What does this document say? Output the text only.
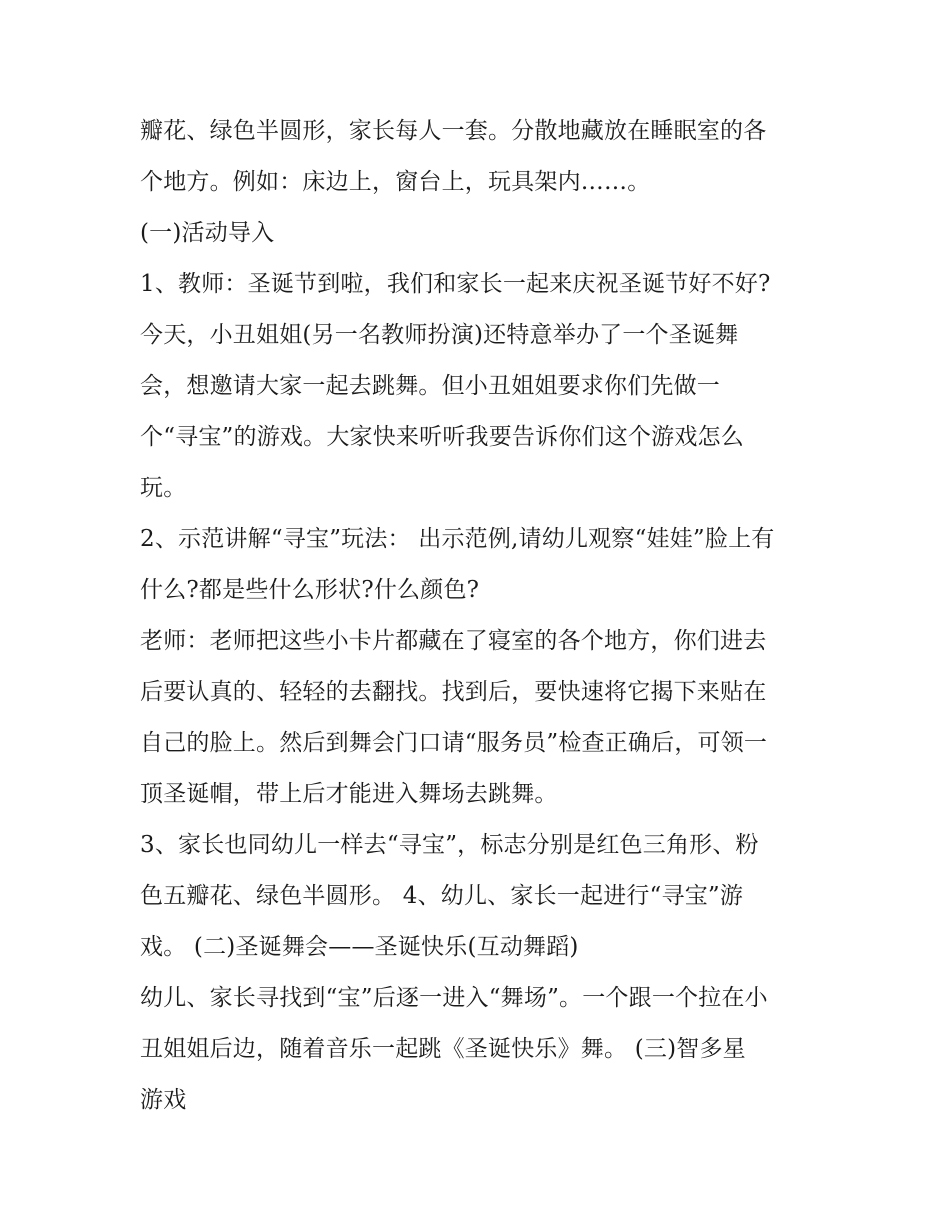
瓣花、绿色半圆形，家长每人一套。分散地藏放在睡眠室的各
个地方。例如：床边上，窗台上，玩具架内……。
(一)活动导入
1、教师：圣诞节到啦，我们和家长一起来庆祝圣诞节好不好?
今天，小丑姐姐(另一名教师扮演)还特意举办了一个圣诞舞
会，想邀请大家一起去跳舞。但小丑姐姐要求你们先做一
个“寻宝”的游戏。大家快来听听我要告诉你们这个游戏怎么
玩。
2、示范讲解“寻宝”玩法： 出示范例,请幼儿观察“娃娃”脸上有
什么?都是些什么形状?什么颜色?
老师：老师把这些小卡片都藏在了寝室的各个地方，你们进去
后要认真的、轻轻的去翻找。找到后，要快速将它揭下来贴在
自己的脸上。然后到舞会门口请“服务员”检查正确后，可领一
顶圣诞帽，带上后才能进入舞场去跳舞。
3、家长也同幼儿一样去“寻宝”，标志分别是红色三角形、粉
色五瓣花、绿色半圆形。 4、幼儿、家长一起进行“寻宝”游
戏。 (二)圣诞舞会——圣诞快乐(互动舞蹈)
幼儿、家长寻找到“宝”后逐一进入“舞场”。一个跟一个拉在小
丑姐姐后边，随着音乐一起跳《圣诞快乐》舞。 (三)智多星
游戏
